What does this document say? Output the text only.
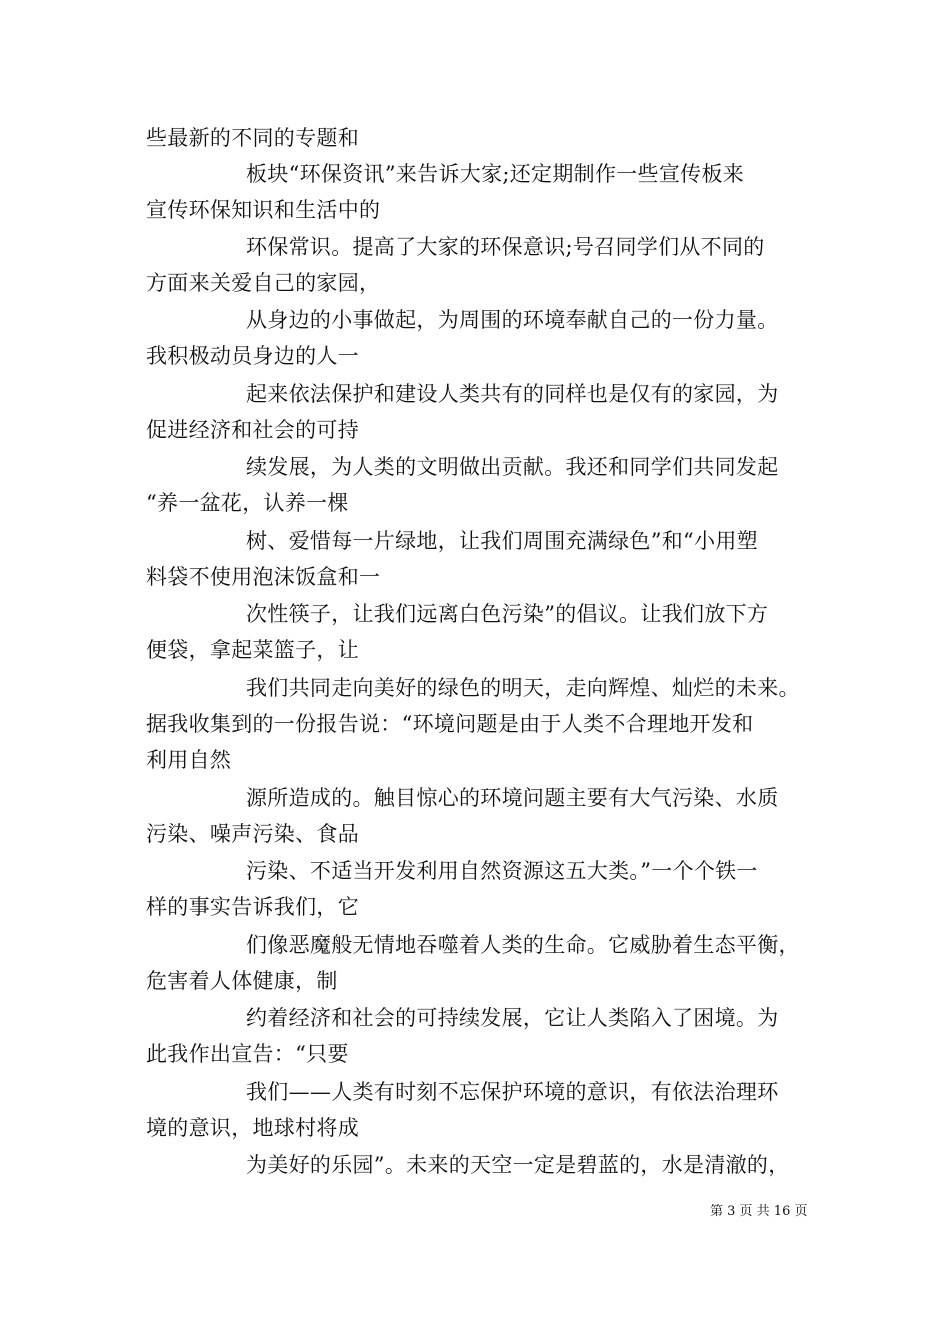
些最新的不同的专题和
板块“环保资讯”来告诉大家;还定期制作一些宣传板来
宣传环保知识和生活中的
环保常识。提高了大家的环保意识;号召同学们从不同的
方面来关爱自己的家园，
从身边的小事做起，为周围的环境奉献自己的一份力量。
我积极动员身边的人一
起来依法保护和建设人类共有的同样也是仅有的家园，为
促进经济和社会的可持
续发展，为人类的文明做出贡献。我还和同学们共同发起
“养一盆花，认养一棵
树、爱惜每一片绿地，让我们周围充满绿色”和“小用塑
料袋不使用泡沫饭盒和一
次性筷子，让我们远离白色污染”的倡议。让我们放下方
便袋，拿起菜篮子，让
我们共同走向美好的绿色的明天，走向辉煌、灿烂的未来。
据我收集到的一份报告说：“环境问题是由于人类不合理地开发和
利用自然
源所造成的。触目惊心的环境问题主要有大气污染、水质
污染、噪声污染、食品
污染、不适当开发利用自然资源这五大类。”一个个铁一
样的事实告诉我们，它
们像恶魔般无情地吞噬着人类的生命。它威胁着生态平衡，
危害着人体健康，制
约着经济和社会的可持续发展，它让人类陷入了困境。为
此我作出宣告：“只要
我们——人类有时刻不忘保护环境的意识，有依法治理环
境的意识，地球村将成
为美好的乐园”。未来的天空一定是碧蓝的，水是清澈的，
第 3 页 共 16 页
